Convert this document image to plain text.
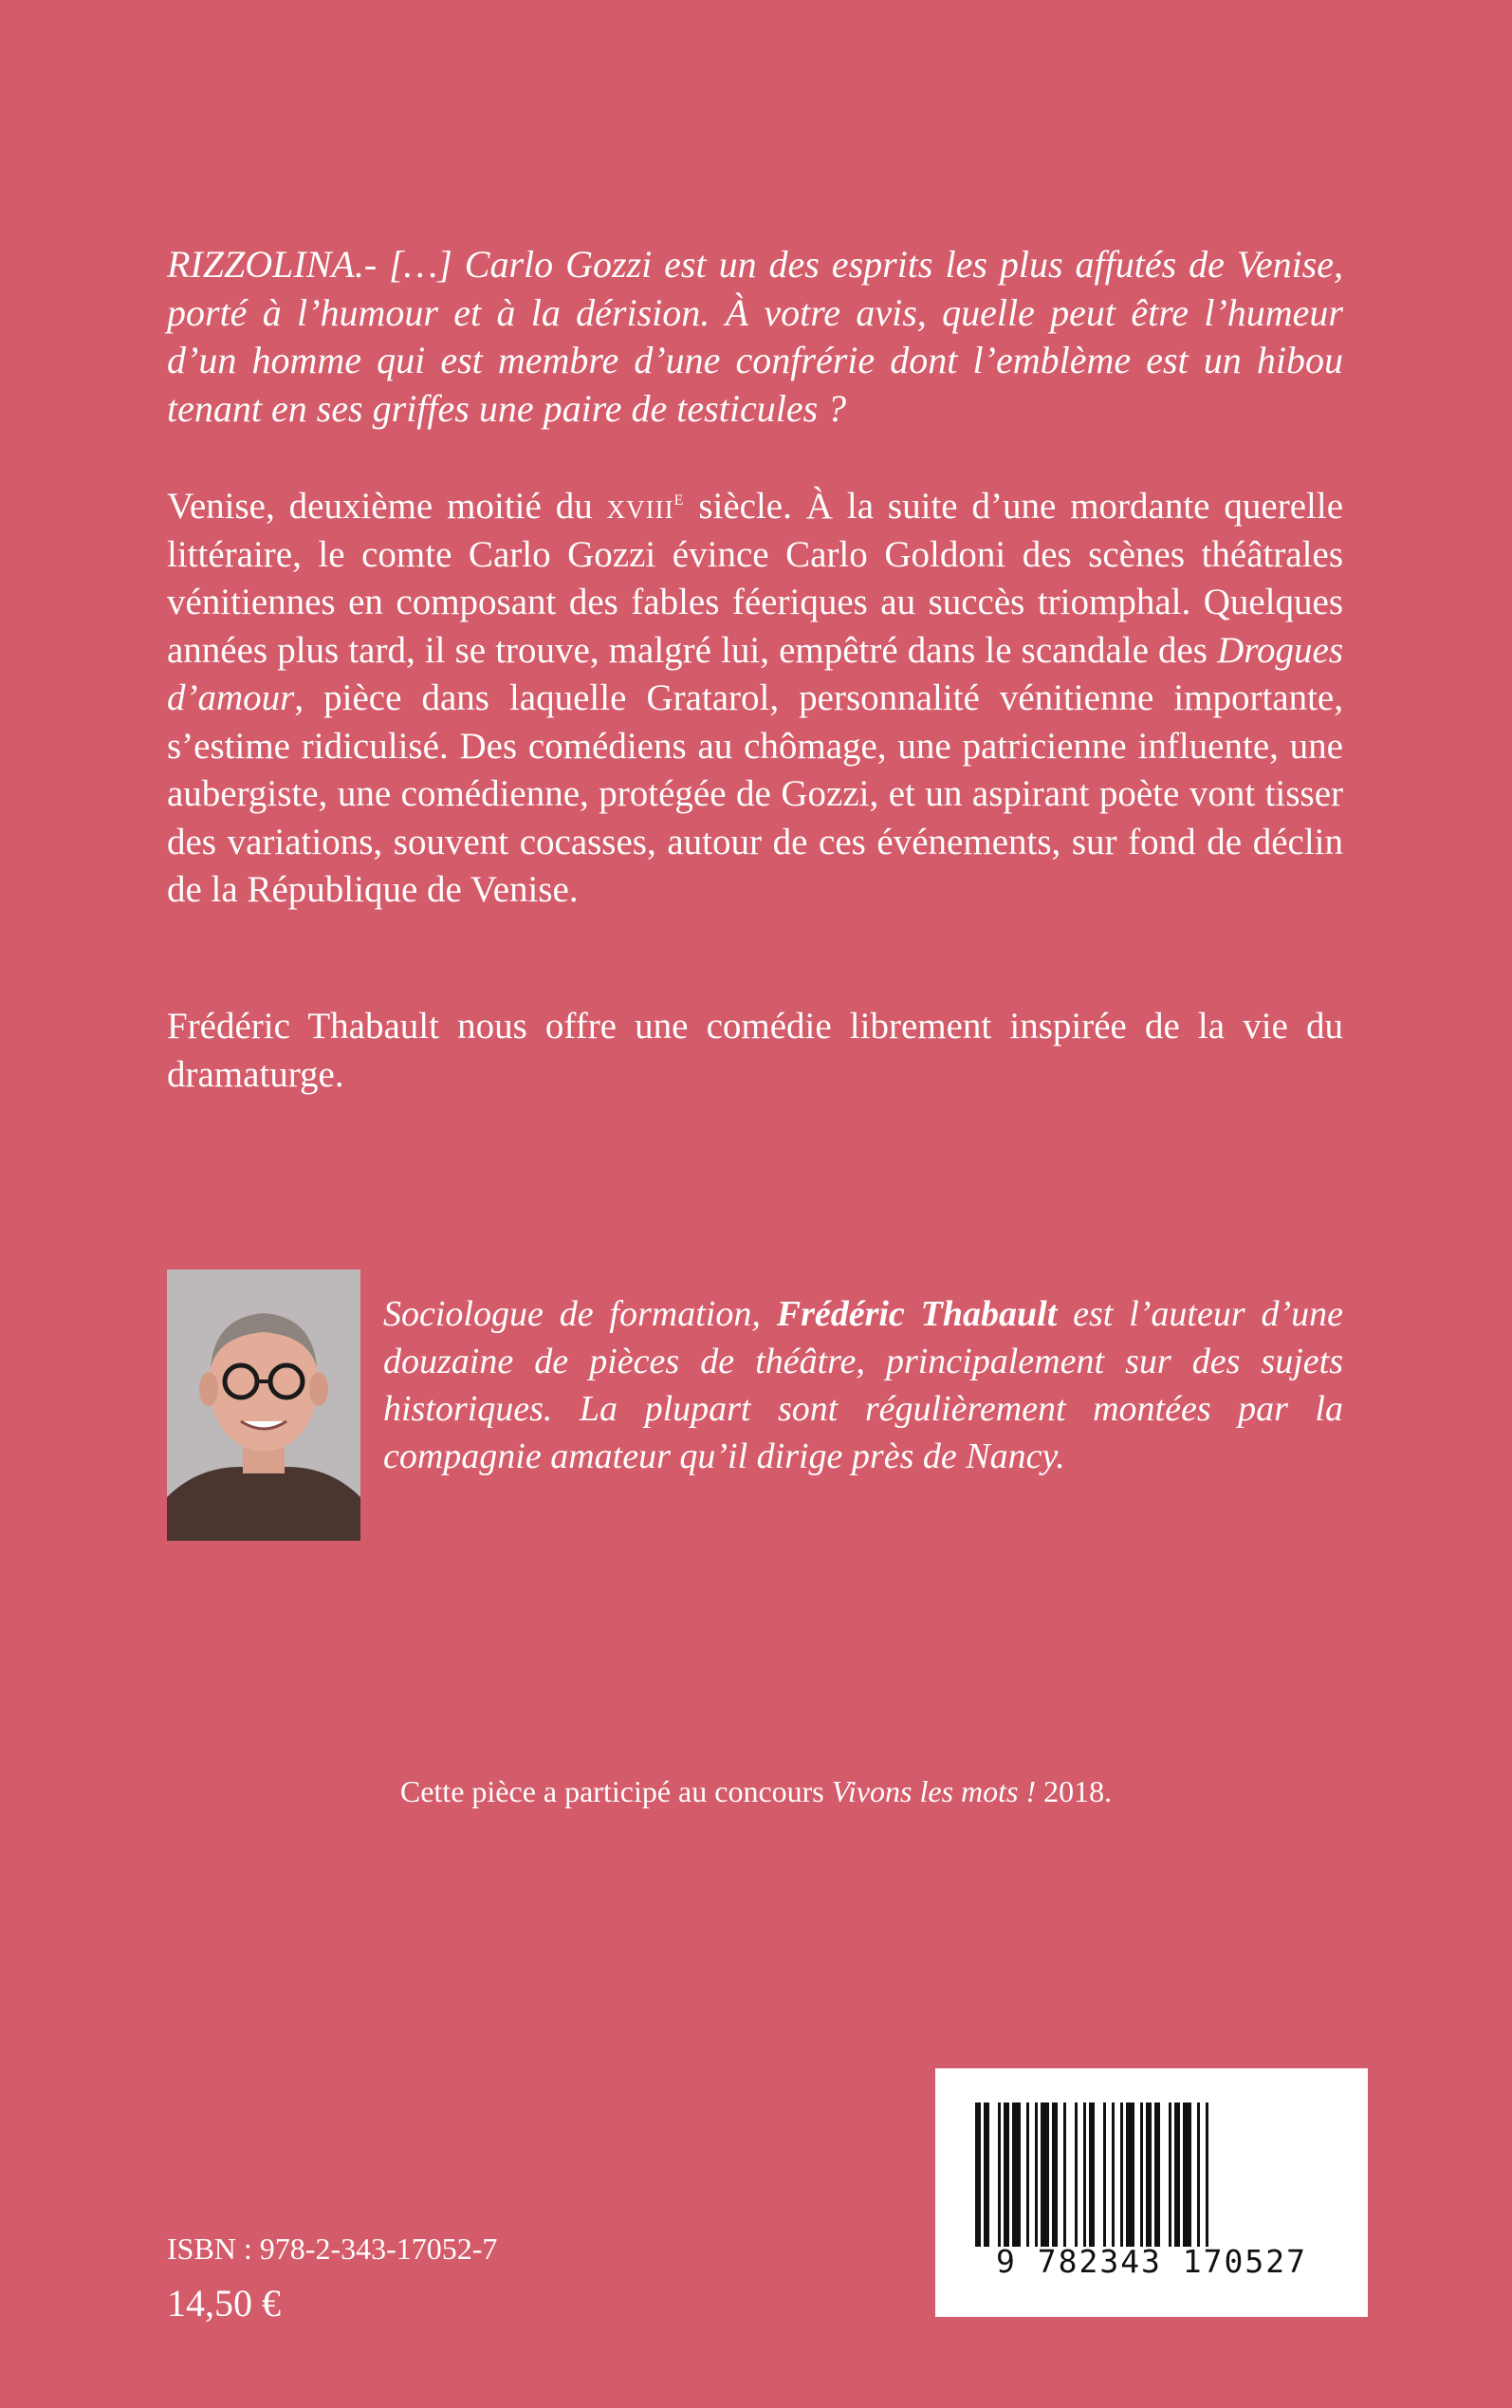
RIZZOLINA.- […] Carlo Gozzi est un des esprits les plus affutés de Venise, porté à l’humour et à la dérision. À votre avis, quelle peut être l’humeur d’un homme qui est membre d’une confrérie dont l’emblème est un hibou tenant en ses griffes une paire de testicules ?

Venise, deuxième moitié du xviii$^e$ siècle. À la suite d’une mordante querelle littéraire, le comte Carlo Gozzi évince Carlo Goldoni des scènes théâtrales vénitiennes en composant des fables féeriques au succès triomphal. Quelques années plus tard, il se trouve, malgré lui, empêtré dans le scandale des Drogues d’amour, pièce dans laquelle Gratarol, personnalité vénitienne importante, s’estime ridiculisé. Des comédiens au chômage, une patricienne influente, une aubergiste, une comédienne, protégée de Gozzi, et un aspirant poète vont tisser des variations, souvent cocasses, autour de ces événements, sur fond de déclin de la République de Venise.

Frédéric Thabault nous offre une comédie librement inspirée de la vie du dramaturge.
Sociologue de formation, Frédéric Thabault est l’auteur d’une douzaine de pièces de théâtre, principalement sur des sujets historiques. La plupart sont régulièrement montées par la compagnie amateur qu’il dirige près de Nancy.
Cette pièce a participé au concours Vivons les mots ! 2018.
9 782343 170527
ISBN : 978-2-343-17052-7
14,50 €
